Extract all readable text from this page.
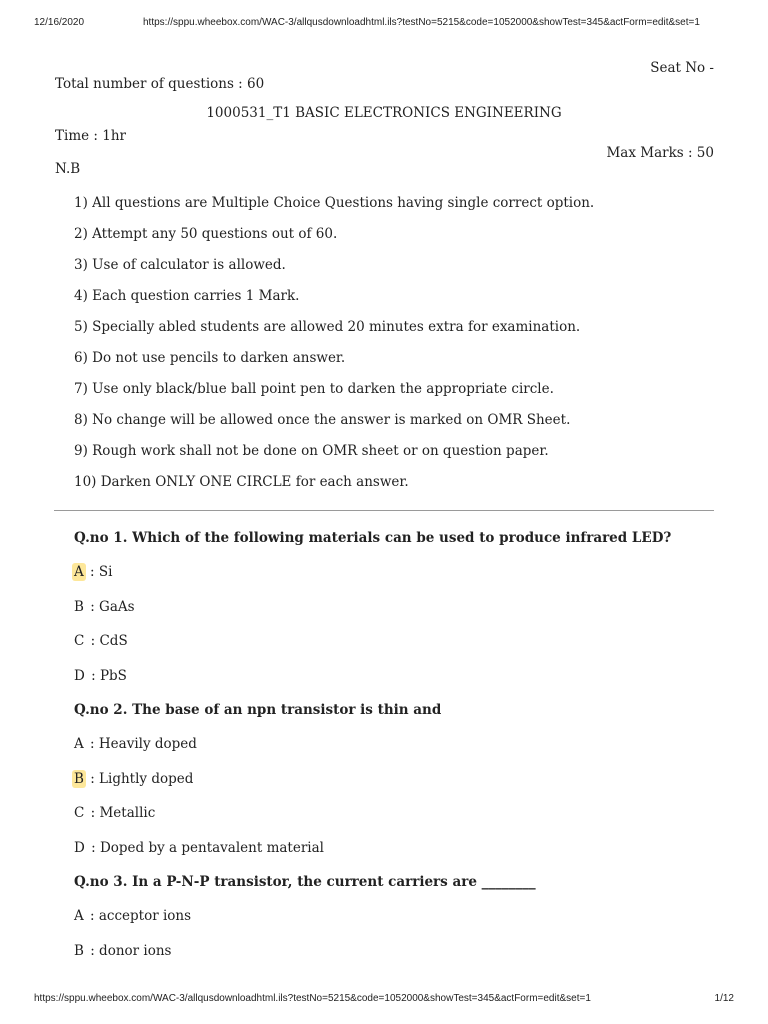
12/16/2020	https://sppu.wheebox.com/WAC-3/allqusdownloadhtml.ils?testNo=5215&code=1052000&showTest=345&actForm=edit&set=1
Seat No -
Total number of questions : 60
1000531_T1 BASIC ELECTRONICS ENGINEERING
Time : 1hr
Max Marks : 50
N.B
1) All questions are Multiple Choice Questions having single correct option.
2) Attempt any 50 questions out of 60.
3) Use of calculator is allowed.
4) Each question carries 1 Mark.
5) Specially abled students are allowed 20 minutes extra for examination.
6) Do not use pencils to darken answer.
7) Use only black/blue ball point pen to darken the appropriate circle.
8) No change will be allowed once the answer is marked on OMR Sheet.
9) Rough work shall not be done on OMR sheet or on question paper.
10) Darken ONLY ONE CIRCLE for each answer.
Q.no 1. Which of the following materials can be used to produce infrared LED?
A : Si
B : GaAs
C : CdS
D : PbS
Q.no 2. The base of an npn transistor is thin and
A : Heavily doped
B : Lightly doped
C : Metallic
D : Doped by a pentavalent material
Q.no 3. In a P-N-P transistor, the current carriers are ________
A : acceptor ions
B : donor ions
https://sppu.wheebox.com/WAC-3/allqusdownloadhtml.ils?testNo=5215&code=1052000&showTest=345&actForm=edit&set=1	1/12
